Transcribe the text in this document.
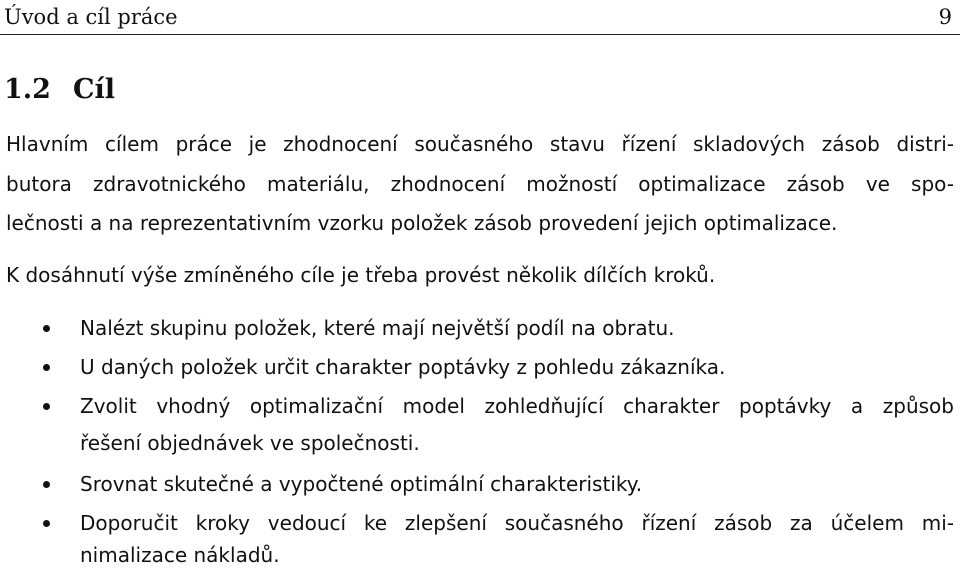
Úvod a cíl práce	9
1.2 Cíl
Hlavním cílem práce je zhodnocení současného stavu řízení skladových zásob distri-
butora zdravotnického materiálu, zhodnocení možností optimalizace zásob ve spo-
lečnosti a na reprezentativním vzorku položek zásob provedení jejich optimalizace.
K dosáhnutí výše zmíněného cíle je třeba provést několik dílčích kroků.
Nalézt skupinu položek, které mají největší podíl na obratu.
U daných položek určit charakter poptávky z pohledu zákazníka.
Zvolit vhodný optimalizační model zohledňující charakter poptávky a způsob
řešení objednávek ve společnosti.
Srovnat skutečné a vypočtené optimální charakteristiky.
Doporučit kroky vedoucí ke zlepšení současného řízení zásob za účelem mi-
nimalizace nákladů.
